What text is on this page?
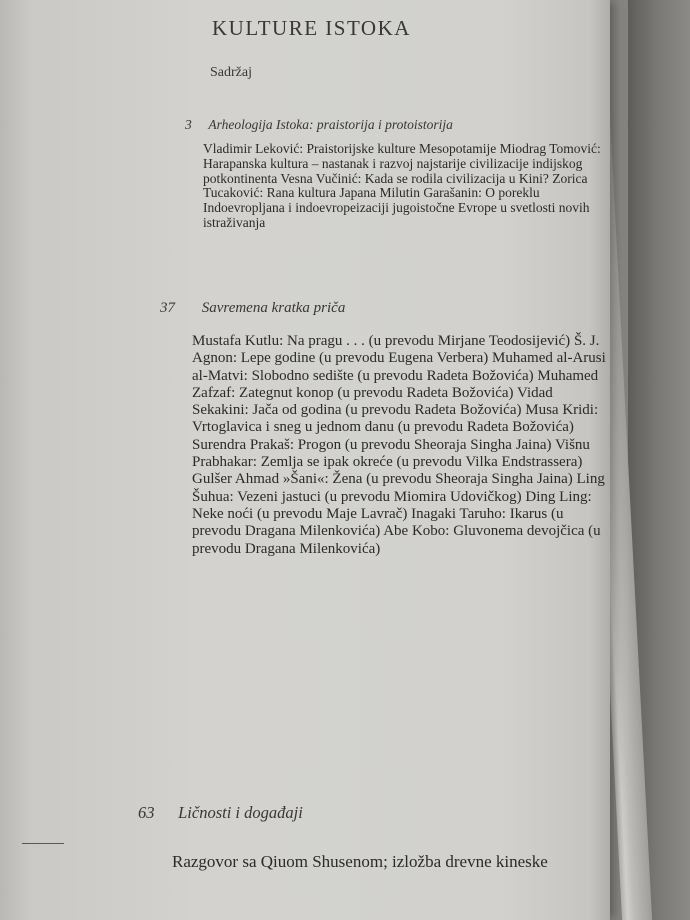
KULTURE ISTOKA
Sadržaj
3 Arheologija Istoka: praistorija i protoistorija
Vladimir Leković: Praistorijske kulture Mesopotamije Miodrag Tomović: Harapanska kultura – nastanak i razvoj najstarije civilizacije indijskog potkontinenta Vesna Vučinić: Kada se rodila civilizacija u Kini? Zorica Tucaković: Rana kultura Japana Milutin Garašanin: O poreklu Indoevropljana i indoevropeizaciji jugoistočne Evrope u svetlosti novih istraživanja
37 Savremena kratka priča
Mustafa Kutlu: Na pragu . . . (u prevodu Mirjane Teodosijević) Š. J. Agnon: Lepe godine (u prevodu Eugena Verbera) Muhamed al-Arusi al-Matvi: Slobodno sedište (u prevodu Radeta Božovića) Muhamed Zafzaf: Zategnut konop (u prevodu Radeta Božovića) Vidad Sekakini: Jača od godina (u prevodu Radeta Božovića) Musa Kridi: Vrtoglavica i sneg u jednom danu (u prevodu Radeta Božovića) Surendra Prakaš: Progon (u prevodu Sheoraja Singha Jaina) Višnu Prabhakar: Zemlja se ipak okreće (u prevodu Vilka Endstrassera) Gulšer Ahmad »Šani«: Žena (u prevodu Sheoraja Singha Jaina) Ling Šuhua: Vezeni jastuci (u prevodu Miomira Udovičkog) Ding Ling: Neke noći (u prevodu Maje Lavrač) Inagaki Taruho: Ikarus (u prevodu Dragana Milenkovića) Abe Kobo: Gluvonema devojčica (u prevodu Dragana Milenkovića)
63 Ličnosti i događaji
Razgovor sa Qiuom Shusenom; izložba drevne kineske
